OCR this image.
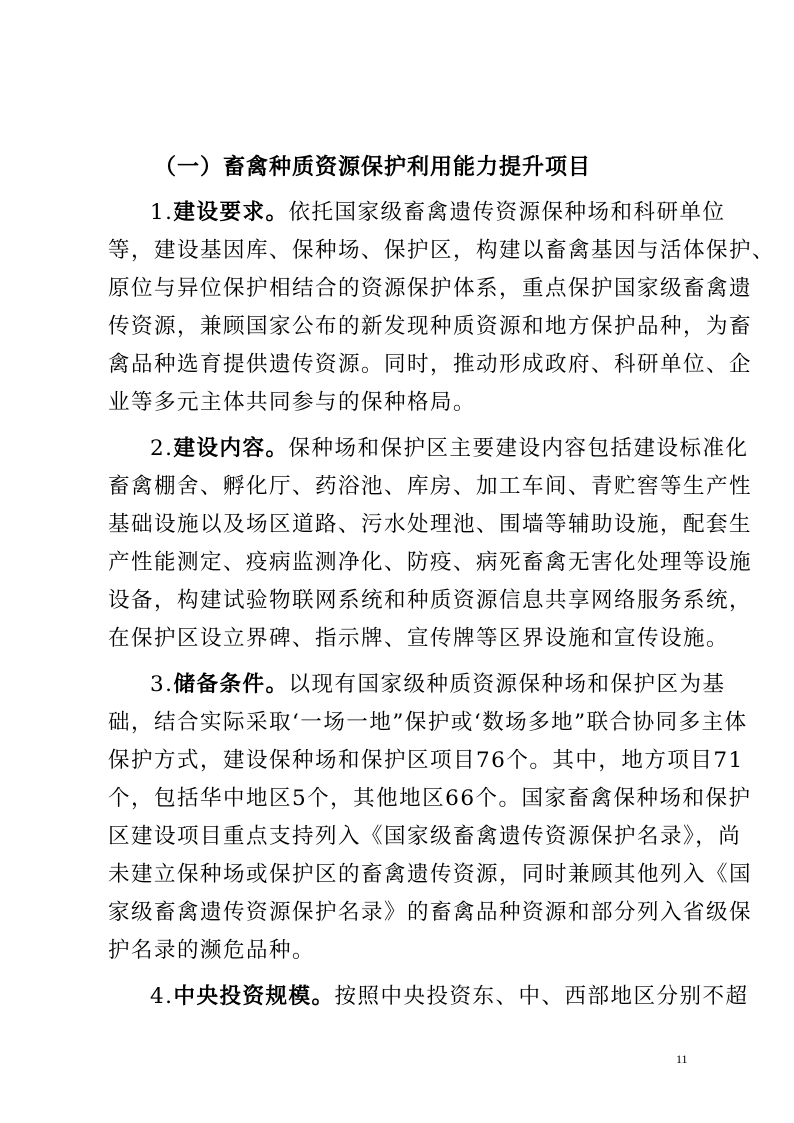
（一）畜禽种质资源保护利用能力提升项目
1.建设要求。依托国家级畜禽遗传资源保种场和科研单位
等，建设基因库、保种场、保护区，构建以畜禽基因与活体保护、
原位与异位保护相结合的资源保护体系，重点保护国家级畜禽遗
传资源，兼顾国家公布的新发现种质资源和地方保护品种，为畜
禽品种选育提供遗传资源。同时，推动形成政府、科研单位、企
业等多元主体共同参与的保种格局。
2.建设内容。保种场和保护区主要建设内容包括建设标准化
畜禽棚舍、孵化厅、药浴池、库房、加工车间、青贮窖等生产性
基础设施以及场区道路、污水处理池、围墙等辅助设施，配套生
产性能测定、疫病监测净化、防疫、病死畜禽无害化处理等设施
设备，构建试验物联网系统和种质资源信息共享网络服务系统，
在保护区设立界碑、指示牌、宣传牌等区界设施和宣传设施。
3.储备条件。以现有国家级种质资源保种场和保护区为基
础，结合实际采取‘一场一地”保护或‘数场多地”联合协同多主体
保护方式，建设保种场和保护区项目76个。其中，地方项目71
个，包括华中地区5个，其他地区66个。国家畜禽保种场和保护
区建设项目重点支持列入《国家级畜禽遗传资源保护名录》，尚
未建立保种场或保护区的畜禽遗传资源，同时兼顾其他列入《国
家级畜禽遗传资源保护名录》的畜禽品种资源和部分列入省级保
护名录的濒危品种。
4.中央投资规模。按照中央投资东、中、西部地区分别不超
11
